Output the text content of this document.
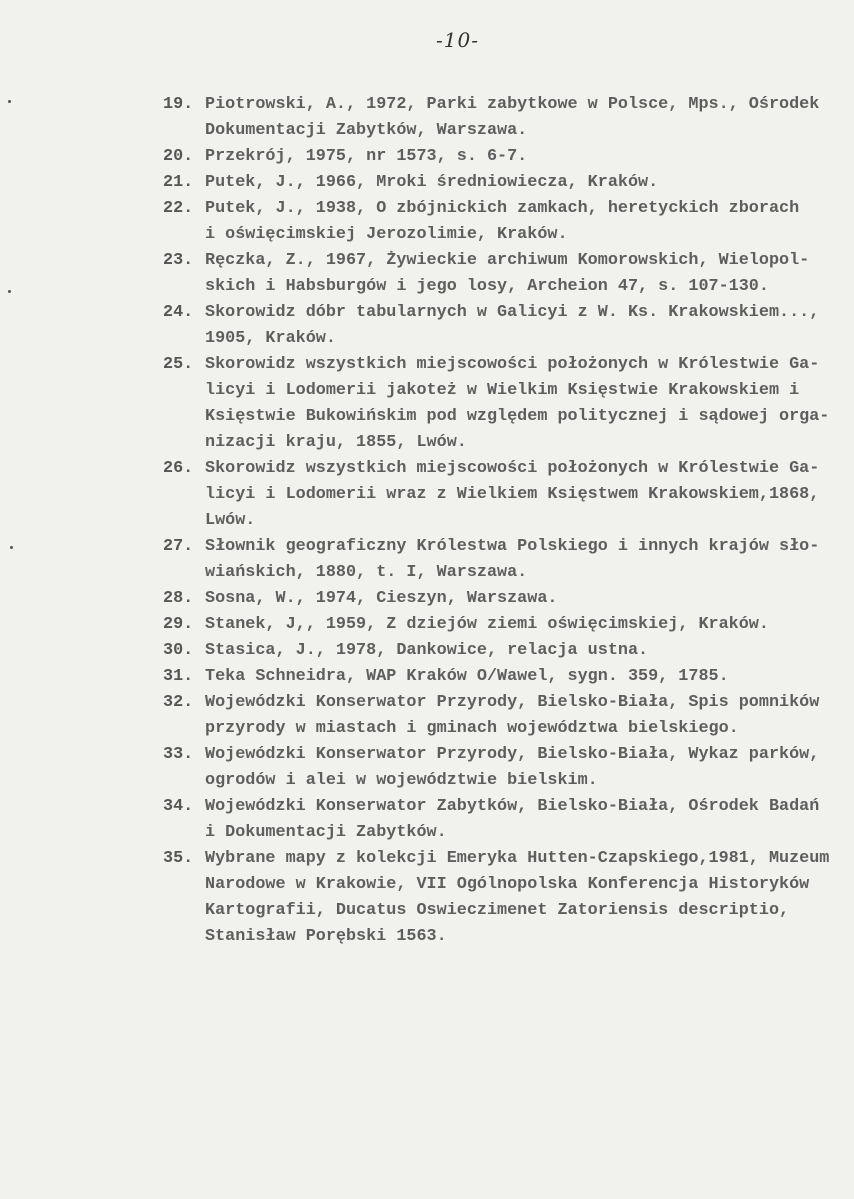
-10-
19. Piotrowski, A., 1972, Parki zabytkowe w Polsce, Mps., Ośrodek
Dokumentacji Zabytków, Warszawa.
20. Przekrój, 1975, nr 1573, s. 6-7.
21. Putek, J., 1966, Mroki średniowiecza, Kraków.
22. Putek, J., 1938, O zbójnickich zamkach, heretyckich zborach
i oświęcimskiej Jerozolimie, Kraków.
23. Ręczka, Z., 1967, Żywieckie archiwum Komorowskich, Wielopol-
skich i Habsburgów i jego losy, Archeion 47, s. 107-130.
24. Skorowidz dóbr tabularnych w Galicyi z W. Ks. Krakowskiem...,
1905, Kraków.
25. Skorowidz wszystkich miejscowości położonych w Królestwie Ga-
licyi i Lodomerii jakoteż w Wielkim Księstwie Krakowskiem i
Księstwie Bukowińskim pod względem politycznej i sądowej orga-
nizacji kraju, 1855, Lwów.
26. Skorowidz wszystkich miejscowości położonych w Królestwie Ga-
licyi i Lodomerii wraz z Wielkiem Księstwem Krakowskiem,1868,
Lwów.
27. Słownik geograficzny Królestwa Polskiego i innych krajów sło-
wiańskich, 1880, t. I, Warszawa.
28. Sosna, W., 1974, Cieszyn, Warszawa.
29. Stanek, J,, 1959, Z dziejów ziemi oświęcimskiej, Kraków.
30. Stasica, J., 1978, Dankowice, relacja ustna.
31. Teka Schneidra, WAP Kraków O/Wawel, sygn. 359, 1785.
32. Wojewódzki Konserwator Przyrody, Bielsko-Biała, Spis pomników
przyrody w miastach i gminach województwa bielskiego.
33. Wojewódzki Konserwator Przyrody, Bielsko-Biała, Wykaz parków,
ogrodów i alei w województwie bielskim.
34. Wojewódzki Konserwator Zabytków, Bielsko-Biała, Ośrodek Badań
i Dokumentacji Zabytków.
35. Wybrane mapy z kolekcji Emeryka Hutten-Czapskiego,1981, Muzeum
Narodowe w Krakowie, VII Ogólnopolska Konferencja Historyków
Kartografii, Ducatus Oswieczimenet Zatoriensis descriptio,
Stanisław Porębski 1563.
